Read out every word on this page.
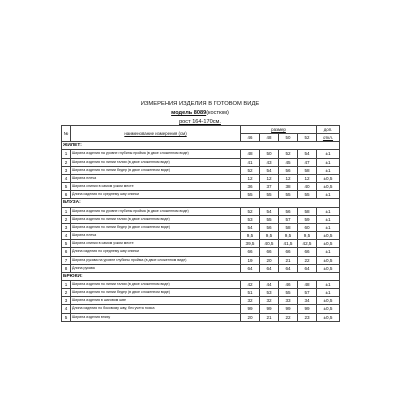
ИЗМЕРЕНИЯ ИЗДЕЛИЯ В ГОТОВОМ ВИДЕ
модель 8089(костюм)
рост 164-170см.
№	наименование измерения (см)	размер				доп.
		46	48	50	52	откл.
ЖИЛЕТ:						
1	Ширина изделия на уровне глубины пройма (в двое сложенном виде)	48	50	52	54	±1
2	Ширина изделия по линии талии (в двое сложенном виде)	41	43	45	47	±1
3	Ширина изделия по линии бедер (в двое сложенном виде)	52	54	56	58	±1
4	Ширина плеча	12	12	12	12	±0,5
5	Ширина спинки в самом узком месте	36	37	38	40	±0,5
6	Длина изделия по среднему шву спинки	55	55	55	55	±1
БЛУЗА:						
1	Ширина изделия на уровне глубины пройма (в двое сложенном виде)	52	54	56	58	±1
2	Ширина изделия по линии талии (в двое сложенном виде)	53	55	57	59	±1
3	Ширина изделия по линии бедер (в двое сложенном виде)	54	56	58	60	±1
4	Ширина плеча	9,5	9,5	9,5	9,5	±0,5
5	Ширина спинки в самом узком месте	39,5	40,5	41,5	42,5	±0,5
6	Длина изделия по среднему шву спинки	66	66	66	66	±1
7	Ширина рукава на уровне глубины пройма (в двое сложенном виде)	19	20	21	22	±0,5
8	Длина рукава	64	64	64	64	±0,5
БРЮКИ:						
1	Ширина изделия по линии талии (в двое сложенном виде)	42	44	46	48	±1
2	Ширина изделия по линии бедер (в двое сложенном виде)	51	53	55	57	±1
3	Ширина изделия в шаговом шве	32	32	33	34	±0,5
4	Длина изделия по боковому шву, без учета пояса	99	99	99	99	±0,5
5	Ширина изделия внизу	20	21	22	23	±0,5
